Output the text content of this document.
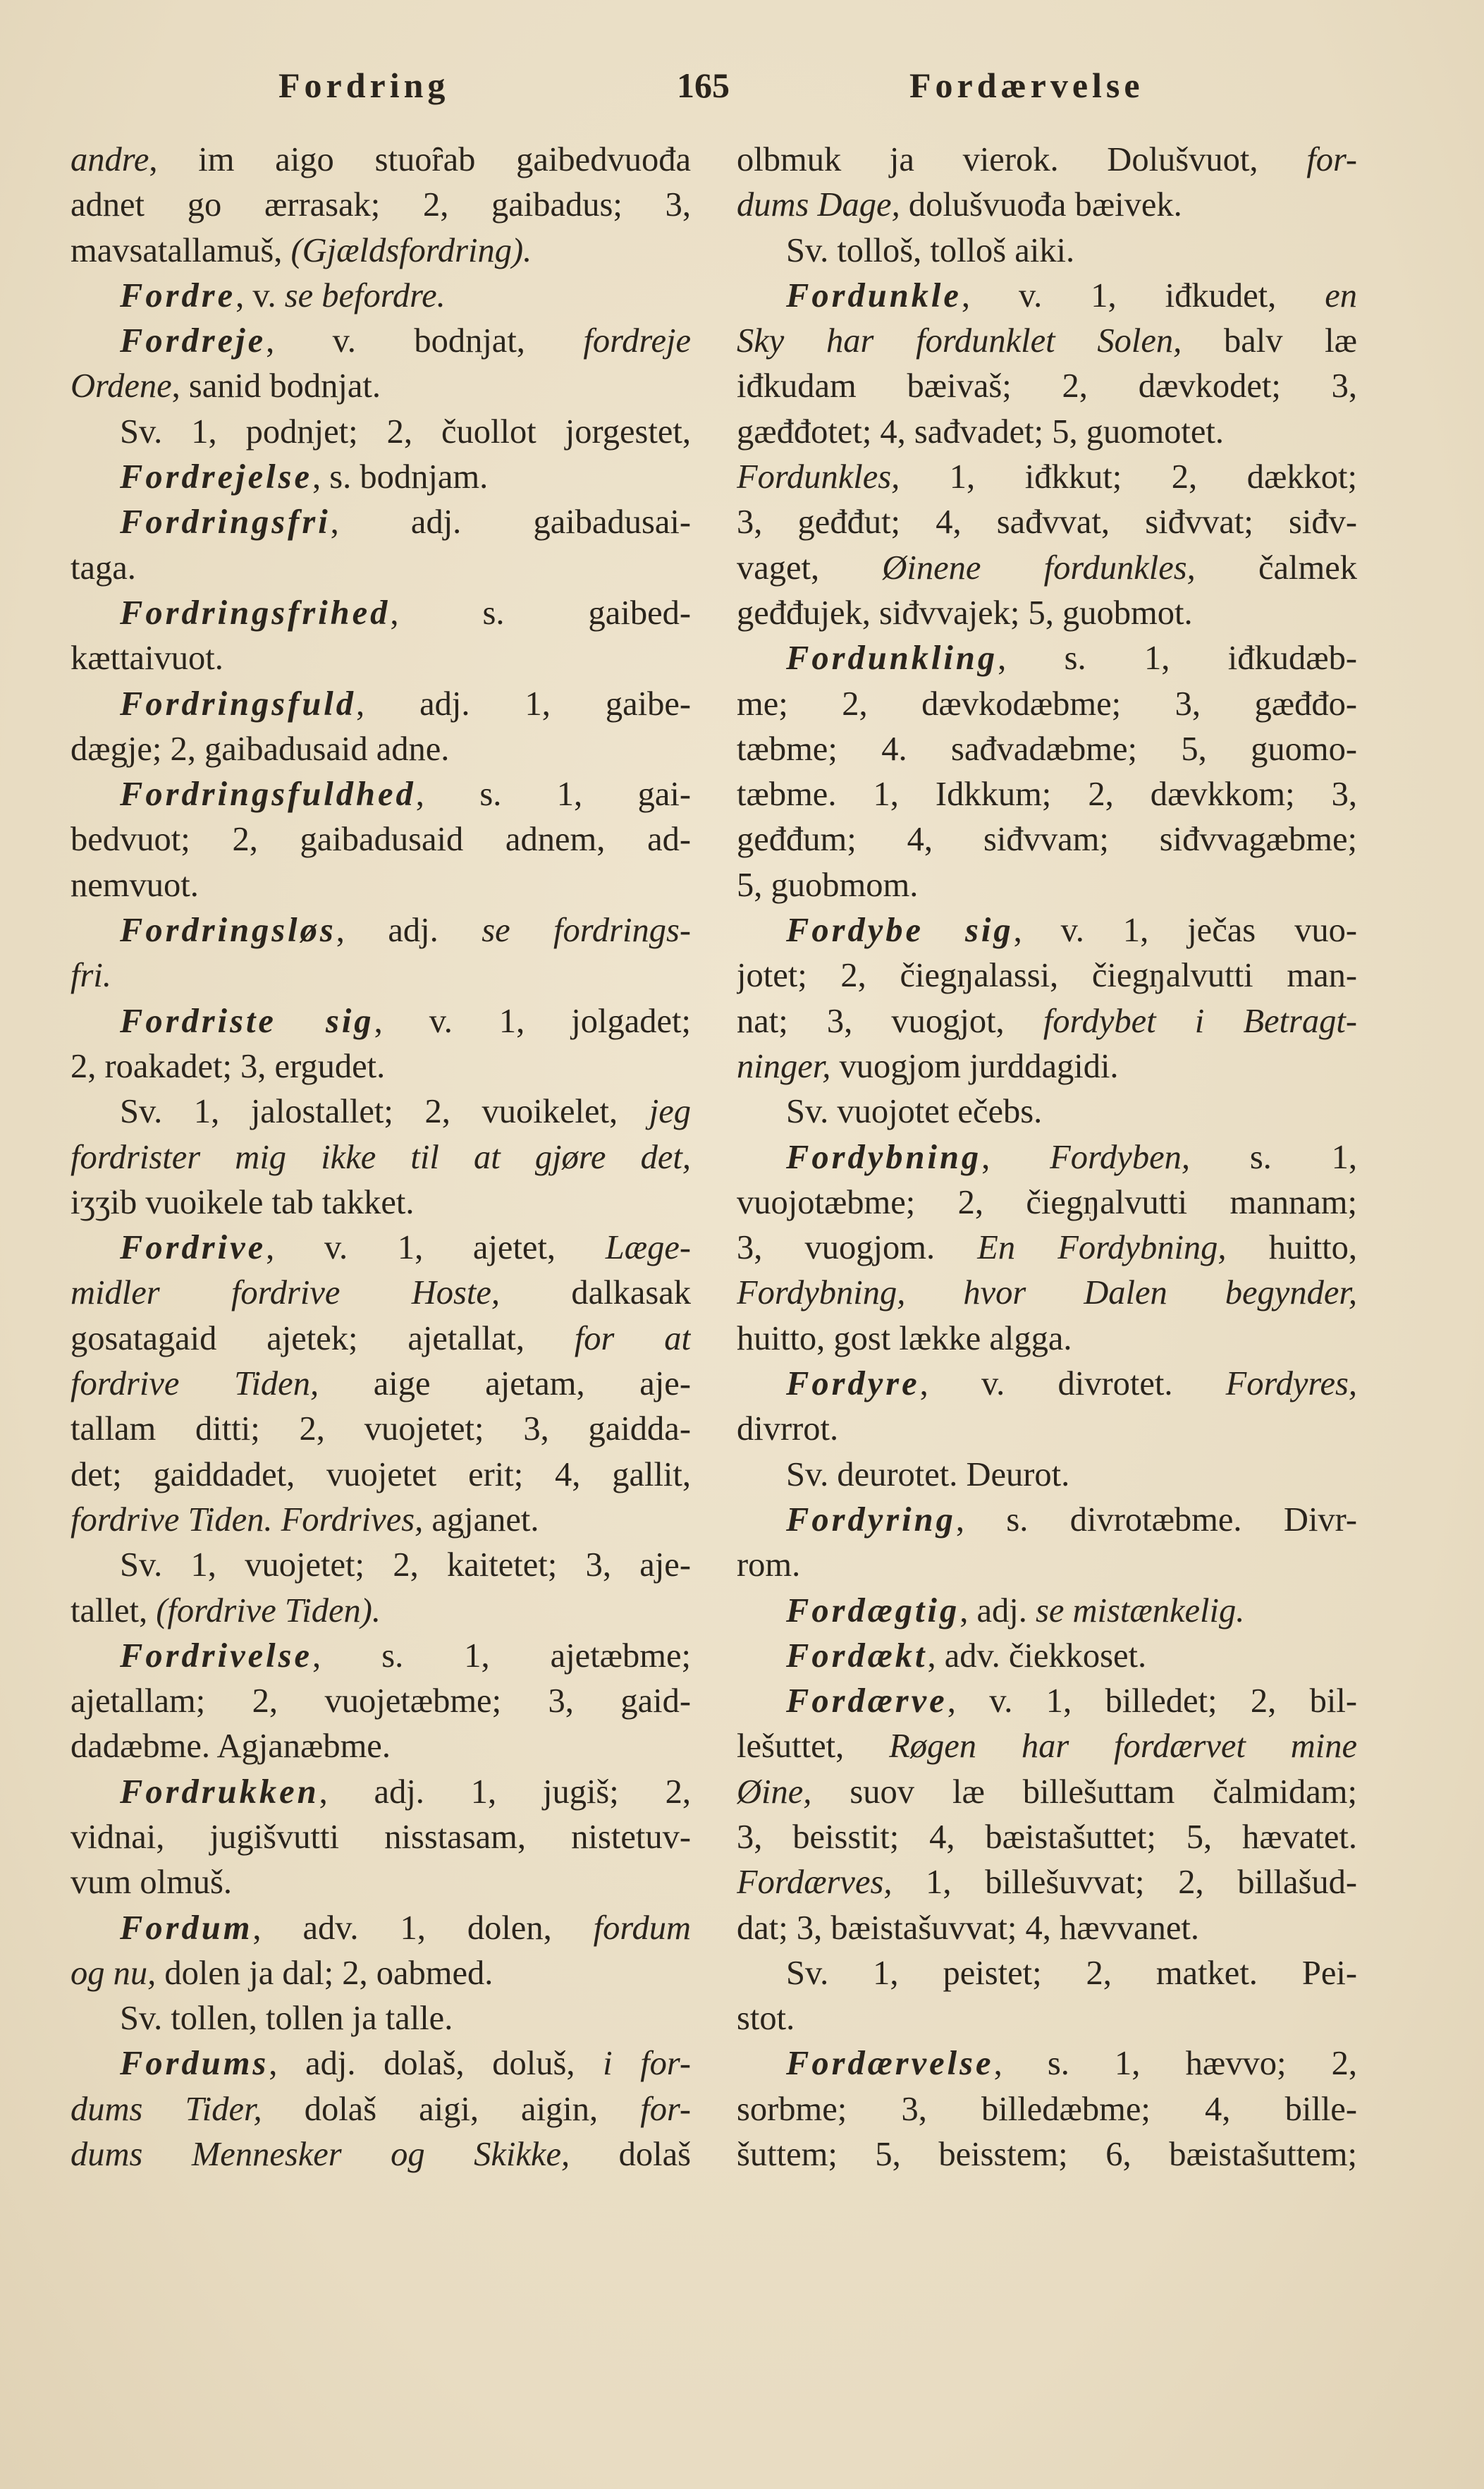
Fordring	165	Fordærvelse
andre, im aigo stuoȓab gaibedvuođa
adnet go ærrasak; 2, gaibadus; 3,
mavsatallamuš, (Gjældsfordring).
Fordre, v. se befordre.
Fordreje, v. bodnjat, fordreje
Ordene, sanid bodnjat.
Sv. 1, podnjet; 2, čuollot jorgestet,
Fordrejelse, s. bodnjam.
Fordringsfri, adj. gaibadusai-
taga.
Fordringsfrihed, s. gaibed-
kættaivuot.
Fordringsfuld, adj. 1, gaibe-
dægje; 2, gaibadusaid adne.
Fordringsfuldhed, s. 1, gai-
bedvuot; 2, gaibadusaid adnem, ad-
nemvuot.
Fordringsløs, adj. se fordrings-
fri.
Fordriste sig, v. 1, jolgadet;
2, roakadet; 3, ergudet.
Sv. 1, jalostallet; 2, vuoikelet, jeg
fordrister mig ikke til at gjøre det,
iʒʒib vuoikele tab takket.
Fordrive, v. 1, ajetet, Læge-
midler fordrive Hoste, dalkasak
gosatagaid ajetek; ajetallat, for at
fordrive Tiden, aige ajetam, aje-
tallam ditti; 2, vuojetet; 3, gaidda-
det; gaiddadet, vuojetet erit; 4, gallit,
fordrive Tiden. Fordrives, agjanet.
Sv. 1, vuojetet; 2, kaitetet; 3, aje-
tallet, (fordrive Tiden).
Fordrivelse, s. 1, ajetæbme;
ajetallam; 2, vuojetæbme; 3, gaid-
dadæbme. Agjanæbme.
Fordrukken, adj. 1, jugiš; 2,
vidnai, jugišvutti nisstasam, nistetuv-
vum olmuš.
Fordum, adv. 1, dolen, fordum
og nu, dolen ja dal; 2, oabmed.
Sv. tollen, tollen ja talle.
Fordums, adj. dolaš, doluš, i for-
dums Tider, dolaš aigi, aigin, for-
dums Mennesker og Skikke, dolaš
olbmuk ja vierok. Dolušvuot, for-
dums Dage, dolušvuođa bæivek.
Sv. tolloš, tolloš aiki.
Fordunkle, v. 1, iđkudet, en
Sky har fordunklet Solen, balv læ
iđkudam bæivaš; 2, dævkodet; 3,
gæđđotet; 4, sađvadet; 5, guomotet.
Fordunkles, 1, iđkkut; 2, dækkot;
3, geđđut; 4, sađvvat, siđvvat; siđv-
vaget, Øinene fordunkles, čalmek
geđđujek, siđvvajek; 5, guobmot.
Fordunkling, s. 1, iđkudæb-
me; 2, dævkodæbme; 3, gæđđo-
tæbme; 4. sađvadæbme; 5, guomo-
tæbme. 1, Idkkum; 2, dævkkom; 3,
geđđum; 4, siđvvam; siđvvagæbme;
5, guobmom.
Fordybe sig, v. 1, ječas vuo-
jotet; 2, čiegŋalassi, čiegŋalvutti man-
nat; 3, vuogjot, fordybet i Betragt-
ninger, vuogjom jurddagidi.
Sv. vuojotet ečebs.
Fordybning, Fordyben, s. 1,
vuojotæbme; 2, čiegŋalvutti mannam;
3, vuogjom. En Fordybning, huitto,
Fordybning, hvor Dalen begynder,
huitto, gost lække algga.
Fordyre, v. divrotet. Fordyres,
divrrot.
Sv. deurotet. Deurot.
Fordyring, s. divrotæbme. Divr-
rom.
Fordægtig, adj. se mistænkelig.
Fordækt, adv. čiekkoset.
Fordærve, v. 1, billedet; 2, bil-
lešuttet, Røgen har fordærvet mine
Øine, suov læ billešuttam čalmidam;
3, beisstit; 4, bæistašuttet; 5, hævatet.
Fordærves, 1, billešuvvat; 2, billašud-
dat; 3, bæistašuvvat; 4, hævvanet.
Sv. 1, peistet; 2, matket. Pei-
stot.
Fordærvelse, s. 1, hævvo; 2,
sorbme; 3, billedæbme; 4, bille-
šuttem; 5, beisstem; 6, bæistašuttem;
